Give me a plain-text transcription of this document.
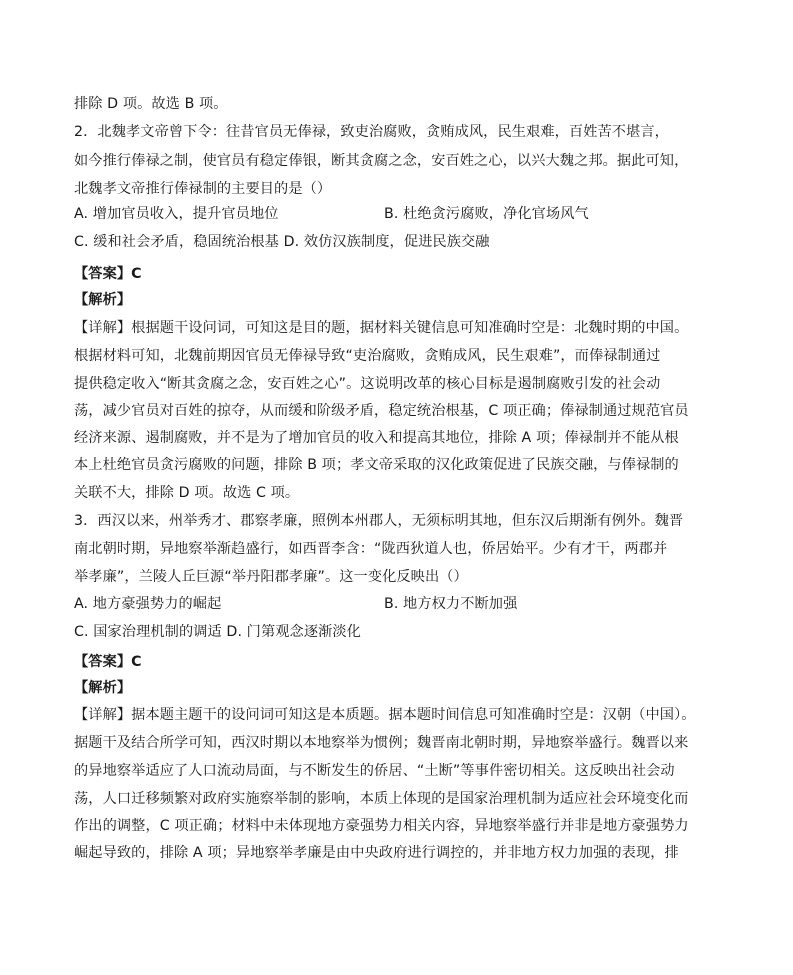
排除 D 项。故选 B 项。
2．北魏孝文帝曾下令：往昔官员无俸禄，致吏治腐败，贪贿成风，民生艰难，百姓苦不堪言，
如今推行俸禄之制，使官员有稳定俸银，断其贪腐之念，安百姓之心，以兴大魏之邦。据此可知，
北魏孝文帝推行俸禄制的主要目的是（）
A. 增加官员收入，提升官员地位	B. 杜绝贪污腐败，净化官场风气
C. 缓和社会矛盾，稳固统治根基 D. 效仿汉族制度，促进民族交融
【答案】C
【解析】
【详解】根据题干设问词，可知这是目的题，据材料关键信息可知准确时空是：北魏时期的中国。
根据材料可知，北魏前期因官员无俸禄导致“吏治腐败，贪贿成风，民生艰难”，而俸禄制通过
提供稳定收入“断其贪腐之念，安百姓之心”。这说明改革的核心目标是遏制腐败引发的社会动
荡，减少官员对百姓的掠夺，从而缓和阶级矛盾，稳定统治根基，C 项正确；俸禄制通过规范官员
经济来源、遏制腐败，并不是为了增加官员的收入和提高其地位，排除 A 项；俸禄制并不能从根
本上杜绝官员贪污腐败的问题，排除 B 项；孝文帝采取的汉化政策促进了民族交融，与俸禄制的
关联不大，排除 D 项。故选 C 项。
3．西汉以来，州举秀才、郡察孝廉，照例本州郡人，无须标明其地，但东汉后期渐有例外。魏晋
南北朝时期，异地察举渐趋盛行，如西晋李含：“陇西狄道人也，侨居始平。少有才干，两郡并
举孝廉”，兰陵人丘巨源“举丹阳郡孝廉”。这一变化反映出（）
A. 地方豪强势力的崛起	B. 地方权力不断加强
C. 国家治理机制的调适 D. 门第观念逐渐淡化
【答案】C
【解析】
【详解】据本题主题干的设问词可知这是本质题。据本题时间信息可知准确时空是：汉朝（中国）。
据题干及结合所学可知，西汉时期以本地察举为惯例；魏晋南北朝时期，异地察举盛行。魏晋以来
的异地察举适应了人口流动局面，与不断发生的侨居、“土断”等事件密切相关。这反映出社会动
荡，人口迁移频繁对政府实施察举制的影响，本质上体现的是国家治理机制为适应社会环境变化而
作出的调整，C 项正确；材料中未体现地方豪强势力相关内容，异地察举盛行并非是地方豪强势力
崛起导致的，排除 A 项；异地察举孝廉是由中央政府进行调控的，并非地方权力加强的表现，排
